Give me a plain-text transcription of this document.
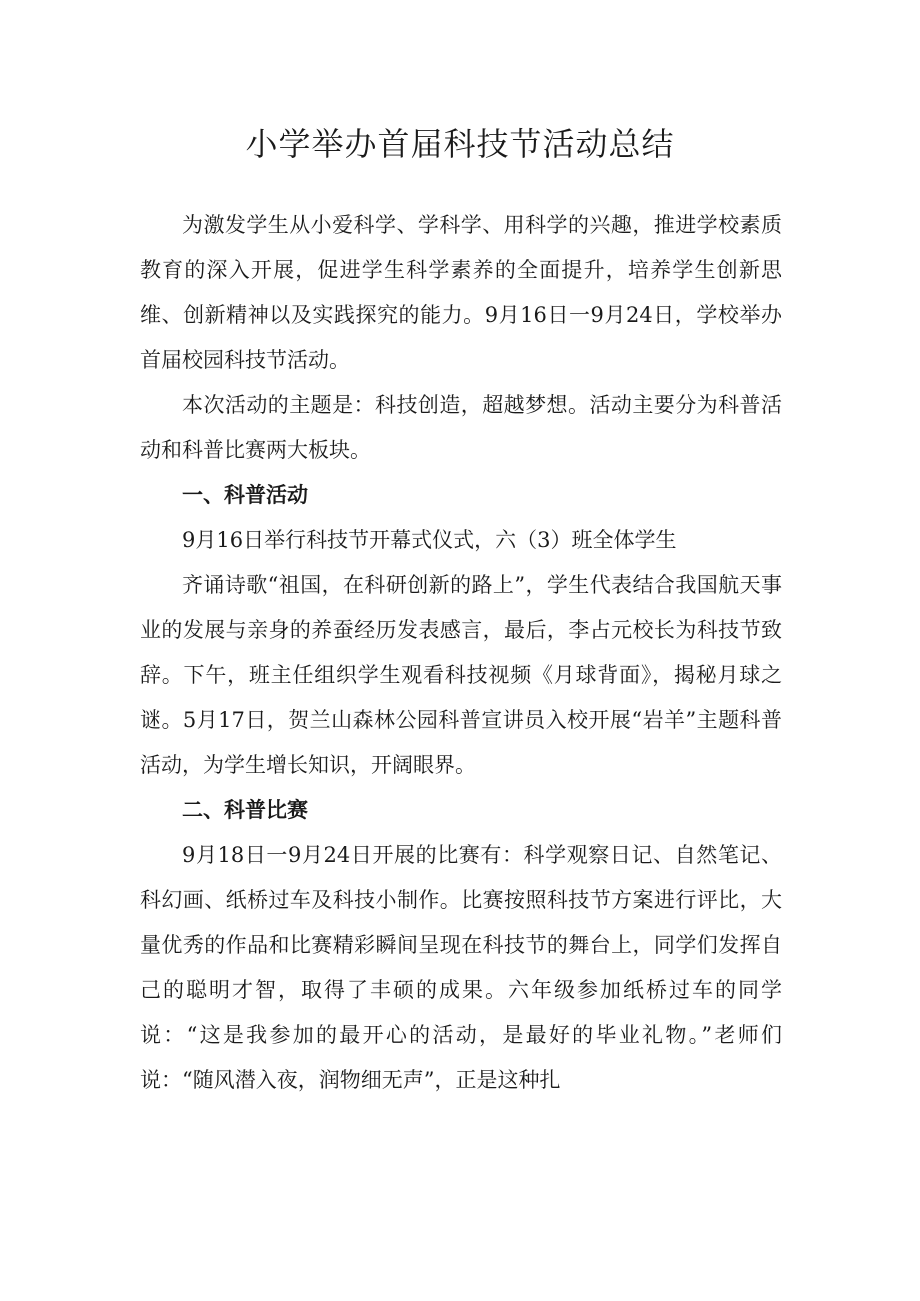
小学举办首届科技节活动总结

为激发学生从小爱科学、学科学、用科学的兴趣，推进学校素质教育的深入开展，促进学生科学素养的全面提升，培养学生创新思维、创新精神以及实践探究的能力。9月16日一9月24日，学校举办首届校园科技节活动。

本次活动的主题是：科技创造，超越梦想。活动主要分为科普活动和科普比赛两大板块。

一、科普活动

9月16日举行科技节开幕式仪式，六（3）班全体学生

齐诵诗歌“祖国，在科研创新的路上”，学生代表结合我国航天事业的发展与亲身的养蚕经历发表感言，最后，李占元校长为科技节致辞。下午，班主任组织学生观看科技视频《月球背面》，揭秘月球之谜。5月17日，贺兰山森林公园科普宣讲员入校开展“岩羊”主题科普活动，为学生增长知识，开阔眼界。

二、科普比赛

9月18日一9月24日开展的比赛有：科学观察日记、自然笔记、科幻画、纸桥过车及科技小制作。比赛按照科技节方案进行评比，大量优秀的作品和比赛精彩瞬间呈现在科技节的舞台上，同学们发挥自己的聪明才智，取得了丰硕的成果。六年级参加纸桥过车的同学说：“这是我参加的最开心的活动，是最好的毕业礼物。”老师们说：“随风潜入夜，润物细无声”，正是这种扎
